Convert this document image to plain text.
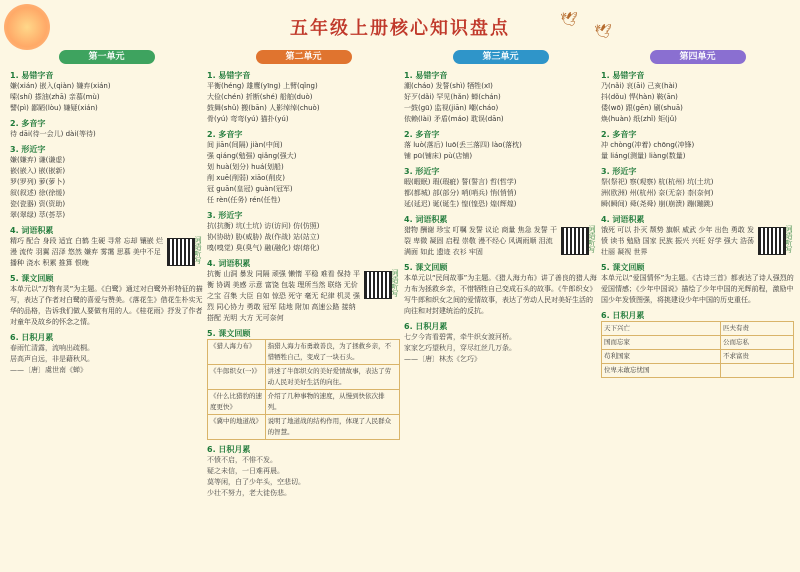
五年级上册核心知识盘点	🕊
🕊
第一单元
1. 易错字音
嫌(xián) 嵌入(qiàn) 嫌弃(xián)
嗦(shí) 搽油(zhā) 亲慕(mù)
譬(pì) 鄙陋(lòu) 嫌疑(xián)
2. 多音字
待 dāi(待一会儿) dài(等待)
3. 形近字
嫌(嫌弃) 谦(谦虚)
嵌(嵌入) 嵌(嵌新)
罗(罗列) 萝(萝卜)
叙(叙述) 徐(徐缓)
瓷(瓷器) 资(资助)
翠(翠绿) 萃(荟萃)
4. 词语积累
精巧 配合 身段 适宜 白鹤 生硬 寻常 忘却 镶嵌 烂漫 流传 羽翼 沼泽 悠然 嫌弃 雾霭 思慕 美中不足 播种 浇水 积累 推算 恨晚	词语听写
5. 课文回顾
本单元以“万物有灵”为主题。《白鹭》通过对白鹭外形特征的描写，表达了作者对白鹭的喜爱与赞美。《落花生》借花生朴实无华的品格，告诉我们做人要做有用的人。《桂花雨》抒发了作者对童年及故乡的怀念之情。
6. 日积月累
春雨忙清露，流响出疏桐。
居高声自远，非是藉秋风。
——〔唐〕虞世南《蝉》
第二单元
1. 易错字音
平衡(héng) 雄鹰(yīng) 上臂(qǐng)
大俭(chén) 折断(shé) 船舶(duò)
鼓舞(shǔ) 搬(bān) 人影绰绰(chuò)
骨(yú) 弯弯(yú) 猫扑(yú)
2. 多音字
间 jiān(间隔) jiàn(中间)
强 qiáng(勉强) qiǎng(强大)
划 huà(划分) huá(划船)
削 xuē(削弱) xiāo(削皮)
冠 guān(皇冠) guàn(冠军)
任 rèn(任务) rén(任性)
3. 形近字
抗(抗衡) 坑(土坑) 访(访问) 仿(仿照)
协(协助) 胁(威胁) 战(作战) 站(站立)
嗅(嗅觉) 臭(臭气) 融(融化) 熔(熔化)
4. 词语积累
抗衡 山洞 暴发 同隔 顽强 懒惰 平稳 难看 保持 平衡 协调 美感 示意 富饶 包装 理所当然 联络 无价之宝 召集 大臣 自如 惊恐 死守 毫无 纪律 机灵 强烈 同心协力 勇敢 冠军 陆地 附加 高速公路 接纳 搭配 光明 大方 无可奈何
词语听写
5. 课文回顾
《猎人海力布》	指猎人海力布勇敢善良，为了拯救乡亲，不惜牺牲自己，变成了一块石头。
《牛郎织女(一)》	讲述了牛郎织女的美好爱情故事，表达了劳动人民对美好生活的向往。
《什么比猎豹的速度更快》	介绍了几种事物的速度，从慢到快依次排列。
《冀中的地道战》	说明了地道战的结构作用，体现了人民群众的智慧。
6. 日积月累
不愤不启，不悱不发。
疑之未信，一日难再晨。
莫等闲，白了少年头，空悲切。
少壮不努力，老大徒伤悲。
第三单元
1. 易错字音
潮(cháo) 发誓(shì) 牺牲(xī)
好歹(dǎi) 罕见(hǎn) 蝉(chán)
一鼓(gū) 监视(jiān) 嘲(cháo)
依赖(lài) 矛盾(máo) 耽误(dān)
2. 多音字
落 luò(落后) luō(丢三落四) lào(落枕)
铺 pū(铺床) pù(店铺)
3. 形近字
暇(暇眠) 瑕(瑕疵) 誓(誓言) 哲(哲学)
都(都城) 部(部分) 哨(哨兵) 悄(悄悄)
延(延迟) 诞(诞生) 惶(惶恐) 煌(辉煌)
4. 词语积累
猎物 酬谢 珍宝 叮嘱 发誓 议论 商量 焦急 发誓 干裂 卑微 凝固 启程 崇敬 漫不经心 风调雨顺 泪流满面 如此 遗迹 衣衫 牢固	词语听写
5. 课文回顾
本单元以“民间故事”为主题。《猎人海力布》讲了善良的猎人海力布为拯救乡亲，不惜牺牲自己变成石头的故事。《牛郎织女》写牛郎和织女之间的爱情故事，表达了劳动人民对美好生活的向往和对封建统治的反抗。
6. 日积月累
七夕今宵看碧霄，牵牛织女渡河桥。
家家乞巧望秋月，穿尽红丝几万条。
——〔唐〕林杰《乞巧》
第四单元
1. 易错字音
乃(nǎi) 哀(āi) 己亥(hài)
抖(dǒu) 悍(hàn) 鞍(ān)
倭(wō) 跟(gēn) 刷(shuā)
焕(huàn) 纸(zhǐ) 矩(jǔ)
2. 多音字
冲 chòng(冲着) chōng(冲锋)
量 liáng(测量) liàng(数量)
3. 形近字
祭(祭祀) 察(观察) 杭(杭州) 坑(土坑)
洲(欧洲) 州(杭州) 奈(无奈) 柰(奈何)
瞬(瞬间) 舜(尧舜) 崩(崩溃) 蹦(蹦跳)
4. 词语积累
饿死 可以 扑灭 颓势 旗帜 威武 少年 出色 勇敢 发愤 读书 勉励 国家 民族 振兴 兴旺 好学 强大 浩荡 壮丽 凝视 世界	词语听写
5. 课文回顾
本单元以“爱国情怀”为主题。《古诗三首》都表达了诗人强烈的爱国情感；《少年中国说》描绘了少年中国的光辉前程，激励中国少年发愤图强，将挑建设少年中国的历史重任。
6. 日积月累
天下兴亡	匹夫有责
国而忘家	公而忘私
苟利国家	不求富贵
位卑未敢忘忧国	
